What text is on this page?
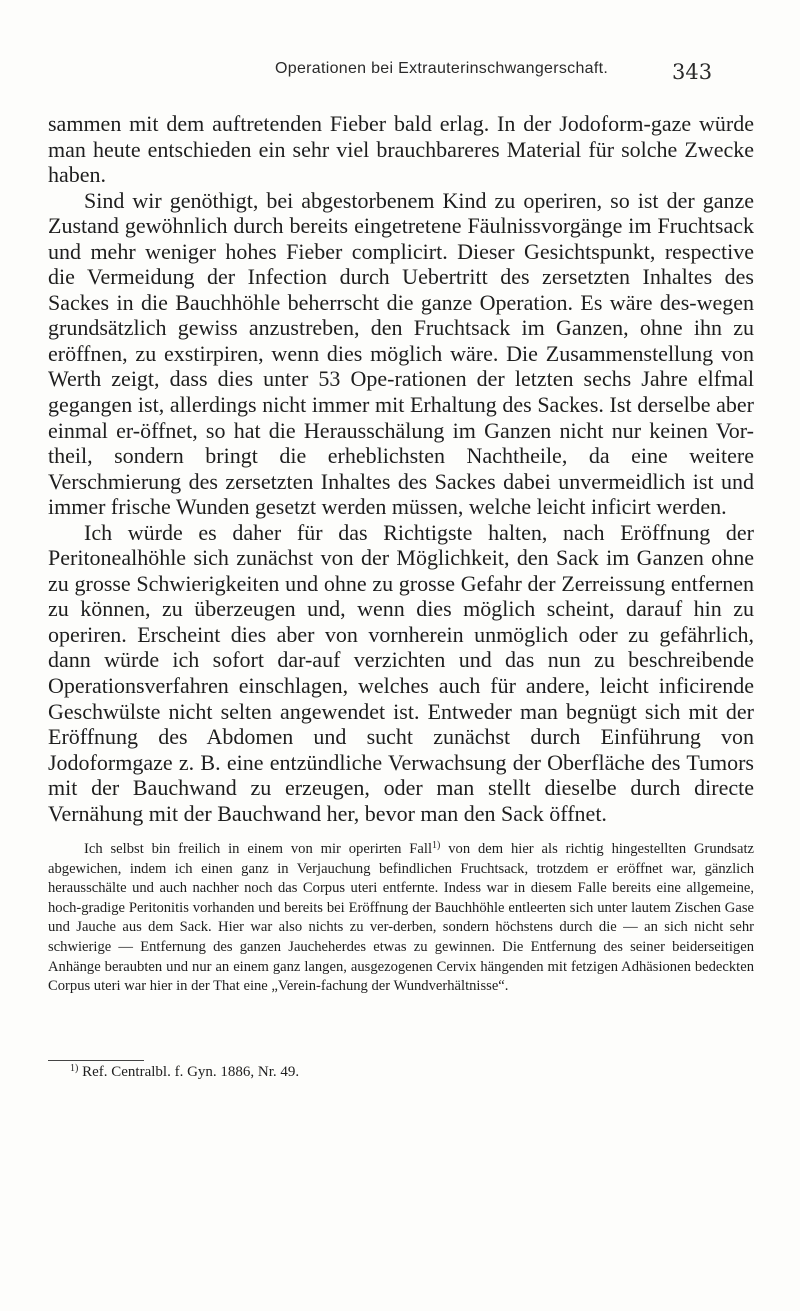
Operationen bei Extrauterinschwangerschaft.	343

sammen mit dem auftretenden Fieber bald erlag. In der Jodoform-gaze würde man heute entschieden ein sehr viel brauchbareres Material für solche Zwecke haben.

Sind wir genöthigt, bei abgestorbenem Kind zu operiren, so ist der ganze Zustand gewöhnlich durch bereits eingetretene Fäulnissvorgänge im Fruchtsack und mehr weniger hohes Fieber complicirt. Dieser Gesichtspunkt, respective die Vermeidung der Infection durch Uebertritt des zersetzten Inhaltes des Sackes in die Bauchhöhle beherrscht die ganze Operation. Es wäre des-wegen grundsätzlich gewiss anzustreben, den Fruchtsack im Ganzen, ohne ihn zu eröffnen, zu exstirpiren, wenn dies möglich wäre. Die Zusammenstellung von Werth zeigt, dass dies unter 53 Ope-rationen der letzten sechs Jahre elfmal gegangen ist, allerdings nicht immer mit Erhaltung des Sackes. Ist derselbe aber einmal er-öffnet, so hat die Herausschälung im Ganzen nicht nur keinen Vor-theil, sondern bringt die erheblichsten Nachtheile, da eine weitere Verschmierung des zersetzten Inhaltes des Sackes dabei unvermeidlich ist und immer frische Wunden gesetzt werden müssen, welche leicht inficirt werden.

Ich würde es daher für das Richtigste halten, nach Eröffnung der Peritonealhöhle sich zunächst von der Möglichkeit, den Sack im Ganzen ohne zu grosse Schwierigkeiten und ohne zu grosse Gefahr der Zerreissung entfernen zu können, zu überzeugen und, wenn dies möglich scheint, darauf hin zu operiren. Erscheint dies aber von vornherein unmöglich oder zu gefährlich, dann würde ich sofort dar-auf verzichten und das nun zu beschreibende Operationsverfahren einschlagen, welches auch für andere, leicht inficirende Geschwülste nicht selten angewendet ist. Entweder man begnügt sich mit der Eröffnung des Abdomen und sucht zunächst durch Einführung von Jodoformgaze z. B. eine entzündliche Verwachsung der Oberfläche des Tumors mit der Bauchwand zu erzeugen, oder man stellt dieselbe durch directe Vernähung mit der Bauchwand her, bevor man den Sack öffnet.

Ich selbst bin freilich in einem von mir operirten Fall$^{1)}$ von dem hier als richtig hingestellten Grundsatz abgewichen, indem ich einen ganz in Verjauchung befindlichen Fruchtsack, trotzdem er eröffnet war, gänzlich herausschälte und auch nachher noch das Corpus uteri entfernte. Indess war in diesem Falle bereits eine allgemeine, hoch-gradige Peritonitis vorhanden und bereits bei Eröffnung der Bauchhöhle entleerten sich unter lautem Zischen Gase und Jauche aus dem Sack. Hier war also nichts zu ver-derben, sondern höchstens durch die — an sich nicht sehr schwierige — Entfernung des ganzen Jaucheherdes etwas zu gewinnen. Die Entfernung des seiner beiderseitigen Anhänge beraubten und nur an einem ganz langen, ausgezogenen Cervix hängenden mit fetzigen Adhäsionen bedeckten Corpus uteri war hier in der That eine „Verein-fachung der Wundverhältnisse“.

$^{1)}$ Ref. Centralbl. f. Gyn. 1886, Nr. 49.
